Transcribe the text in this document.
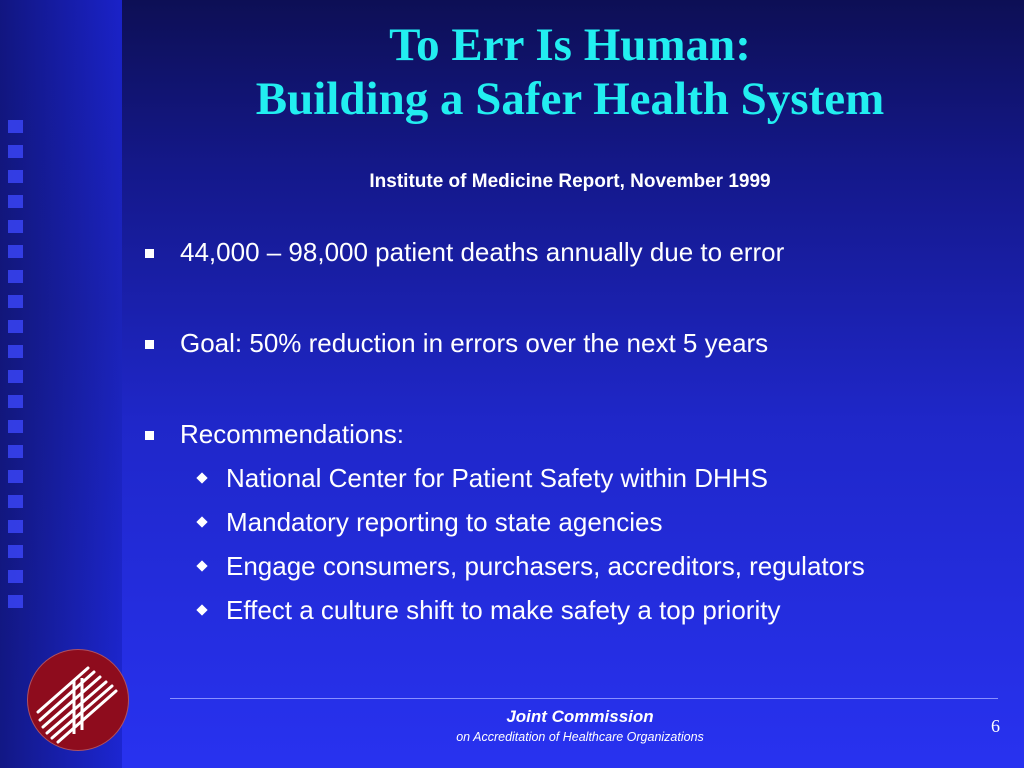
To Err Is Human:
Building a Safer Health System
Institute of Medicine Report, November 1999
44,000 – 98,000 patient deaths annually due to error
Goal: 50% reduction in errors over the next 5 years
Recommendations:
National Center for Patient Safety within DHHS
Mandatory reporting to state agencies
Engage consumers, purchasers, accreditors, regulators
Effect a culture shift to make safety a top priority
Joint Commission
on Accreditation of Healthcare Organizations
6
